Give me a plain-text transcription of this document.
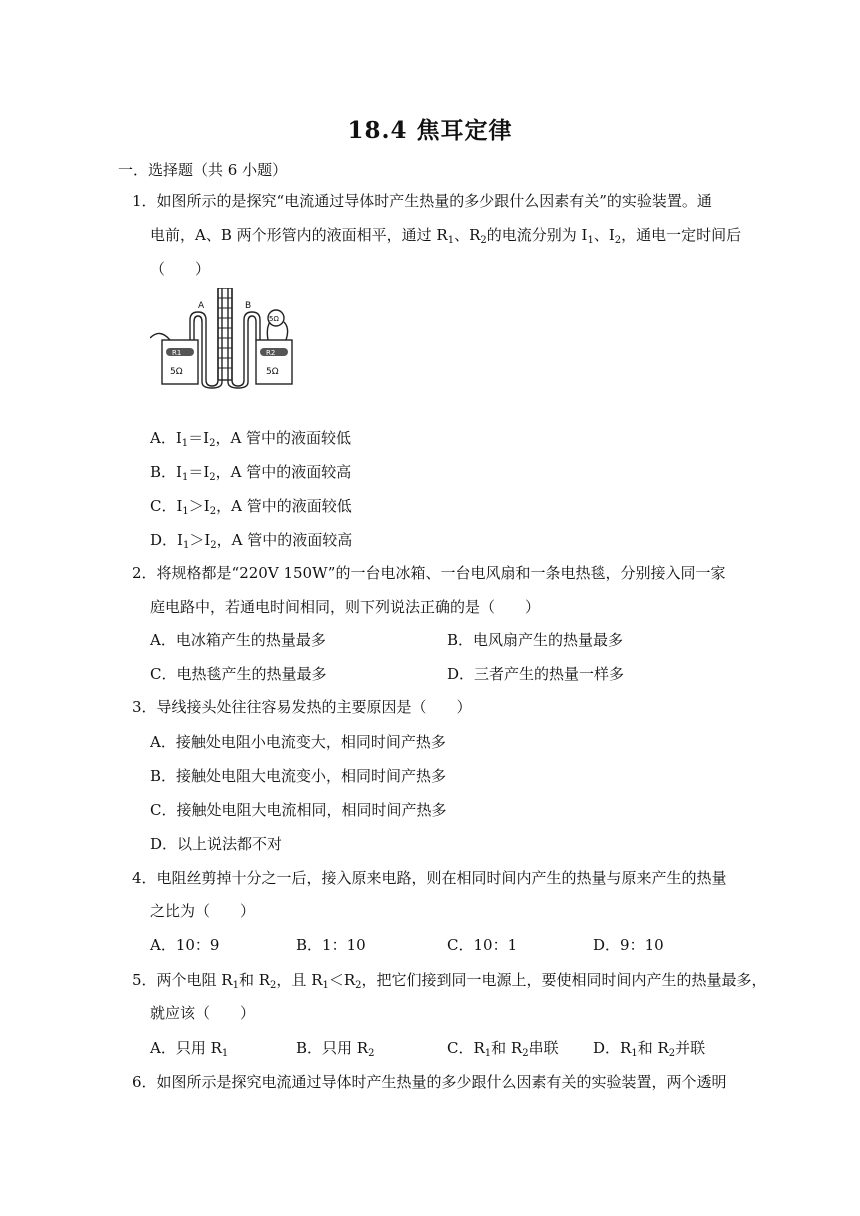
18.4 焦耳定律
一．选择题（共 6 小题）
1．如图所示的是探究“电流通过导体时产生热量的多少跟什么因素有关”的实验装置。通
电前，A、B 两个形管内的液面相平，通过 $R_1$、$R_2$的电流分别为 $I_1$、$I_2$，通电一定时间后
（　　）
A	B
R1	R2
5Ω	5Ω
5Ω
A．$I_1=I_2$，A 管中的液面较低
B．$I_1=I_2$，A 管中的液面较高
C．$I_1>I_2$，A 管中的液面较低
D．$I_1>I_2$，A 管中的液面较高
2．将规格都是“220V 150W”的一台电冰箱、一台电风扇和一条电热毯，分别接入同一家
庭电路中，若通电时间相同，则下列说法正确的是（　　）
A．电冰箱产生的热量最多	B．电风扇产生的热量最多
C．电热毯产生的热量最多	D．三者产生的热量一样多
3．导线接头处往往容易发热的主要原因是（　　）
A．接触处电阻小电流变大，相同时间产热多
B．接触处电阻大电流变小，相同时间产热多
C．接触处电阻大电流相同，相同时间产热多
D．以上说法都不对
4．电阻丝剪掉十分之一后，接入原来电路，则在相同时间内产生的热量与原来产生的热量
之比为（　　）
A．10：9	B．1：10	C．10：1	D．9：10
5．两个电阻 $R_1$和 $R_2$，且 $R_1<R_2$，把它们接到同一电源上，要使相同时间内产生的热量最多，
就应该（　　）
A．只用 $R_1$	B．只用 $R_2$	C．$R_1$和 $R_2$串联 D．$R_1$和 $R_2$并联
6．如图所示是探究电流通过导体时产生热量的多少跟什么因素有关的实验装置，两个透明
